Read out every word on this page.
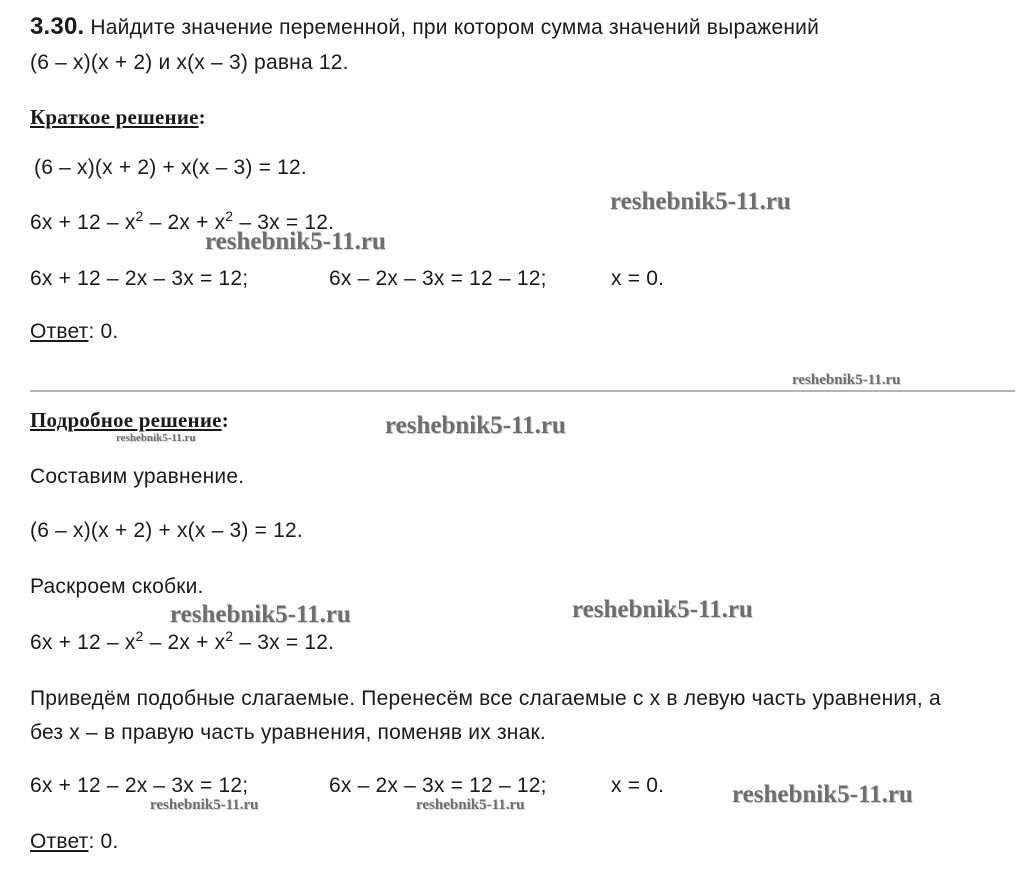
3.30. Найдите значение переменной, при котором сумма значений выражений
(6 – x)(x + 2) и x(x – 3) равна 12.
Краткое решение:
(6 – x)(x + 2) + x(x – 3) = 12.
$6x + 12 - x^2 - 2x + x^2 - 3x = 12$.
6x + 12 – 2x – 3x = 12;	6x – 2x – 3x = 12 – 12;	x = 0.
Ответ: 0.
Подробное решение:
Составим уравнение.
(6 – x)(x + 2) + x(x – 3) = 12.
Раскроем скобки.
$6x + 12 - x^2 - 2x + x^2 - 3x = 12$.
Приведём подобные слагаемые. Перенесём все слагаемые с x в левую часть уравнения, а
без x – в правую часть уравнения, поменяв их знак.
6x + 12 – 2x – 3x = 12;	6x – 2x – 3x = 12 – 12;	x = 0.
Ответ: 0.
reshebnik5-11.ru
reshebnik5-11.ru
reshebnik5-11.ru
reshebnik5-11.ru
reshebnik5-11.ru
reshebnik5-11.ru
reshebnik5-11.ru
reshebnik5-11.ru
reshebnik5-11.ru	reshebnik5-11.ru
